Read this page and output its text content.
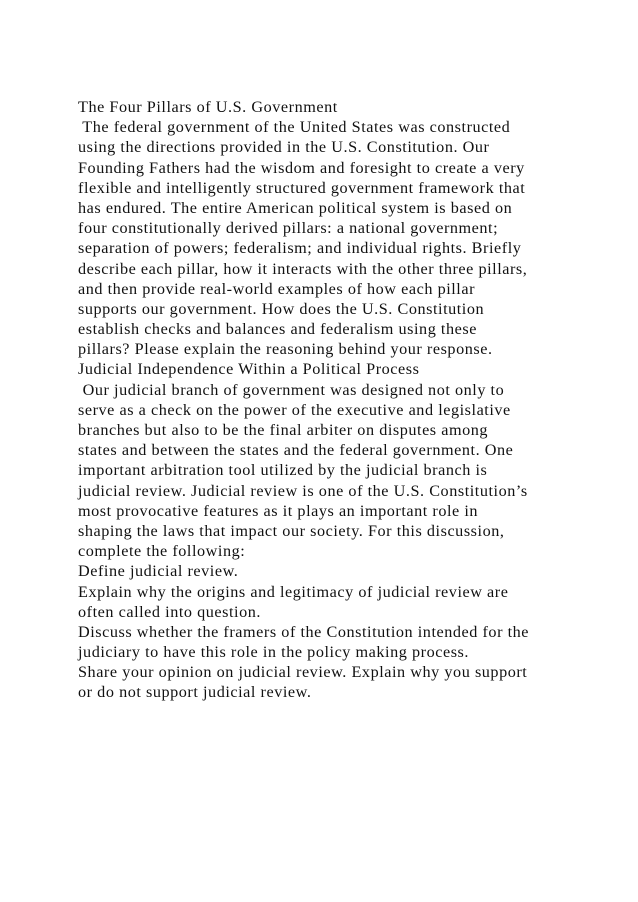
The Four Pillars of U.S. Government
The federal government of the United States was constructed
using the directions provided in the U.S. Constitution. Our
Founding Fathers had the wisdom and foresight to create a very
flexible and intelligently structured government framework that
has endured. The entire American political system is based on
four constitutionally derived pillars: a national government;
separation of powers; federalism; and individual rights. Briefly
describe each pillar, how it interacts with the other three pillars,
and then provide real-world examples of how each pillar
supports our government. How does the U.S. Constitution
establish checks and balances and federalism using these
pillars? Please explain the reasoning behind your response.
Judicial Independence Within a Political Process
Our judicial branch of government was designed not only to
serve as a check on the power of the executive and legislative
branches but also to be the final arbiter on disputes among
states and between the states and the federal government. One
important arbitration tool utilized by the judicial branch is
judicial review. Judicial review is one of the U.S. Constitution’s
most provocative features as it plays an important role in
shaping the laws that impact our society. For this discussion,
complete the following:
Define judicial review.
Explain why the origins and legitimacy of judicial review are
often called into question.
Discuss whether the framers of the Constitution intended for the
judiciary to have this role in the policy making process.
Share your opinion on judicial review. Explain why you support
or do not support judicial review.
